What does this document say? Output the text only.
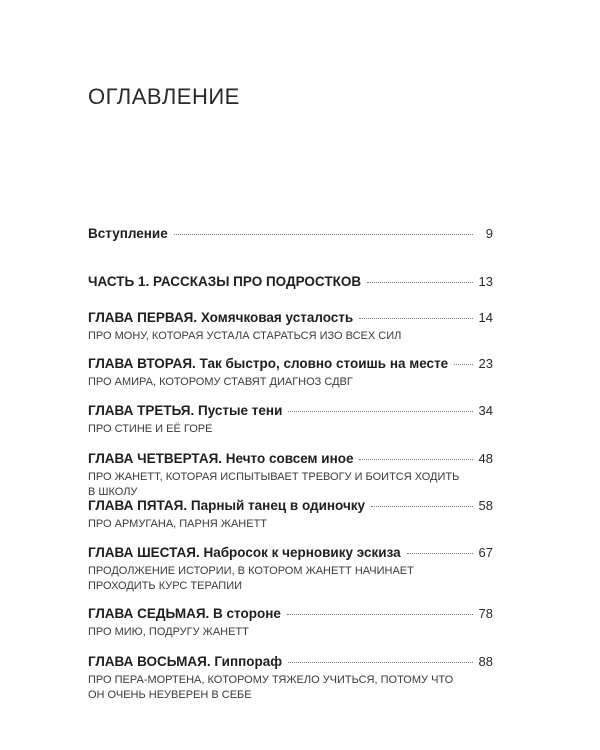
ОГЛАВЛЕНИЕ
Вступление	9
ЧАСТЬ 1. РАССКАЗЫ ПРО ПОДРОСТКОВ	13
ГЛАВА ПЕРВАЯ. Хомячковая усталость	14
ПРО МОНУ, КОТОРАЯ УСТАЛА СТАРАТЬСЯ ИЗО ВСЕХ СИЛ
ГЛАВА ВТОРАЯ. Так быстро, словно стоишь на месте 23
ПРО АМИРА, КОТОРОМУ СТАВЯТ ДИАГНОЗ СДВГ
ГЛАВА ТРЕТЬЯ. Пустые тени	34
ПРО СТИНЕ И ЕЁ ГОРЕ
ГЛАВА ЧЕТВЕРТАЯ. Нечто совсем иное	48
ПРО ЖАНЕТТ, КОТОРАЯ ИСПЫТЫВАЕТ ТРЕВОГУ И БОИТСЯ ХОДИТЬ В ШКОЛУ
ГЛАВА ПЯТАЯ. Парный танец в одиночку	58
ПРО АРМУГАНА, ПАРНЯ ЖАНЕТТ
ГЛАВА ШЕСТАЯ. Набросок к черновику эскиза	67
ПРОДОЛЖЕНИЕ ИСТОРИИ, В КОТОРОМ ЖАНЕТТ НАЧИНАЕТ ПРОХОДИТЬ КУРС ТЕРАПИИ
ГЛАВА СЕДЬМАЯ. В стороне	78
ПРО МИЮ, ПОДРУГУ ЖАНЕТТ
ГЛАВА ВОСЬМАЯ. Гиппораф	88
ПРО ПЕРА-МОРТЕНА, КОТОРОМУ ТЯЖЕЛО УЧИТЬСЯ, ПОТОМУ ЧТО ОН ОЧЕНЬ НЕУВЕРЕН В СЕБЕ
